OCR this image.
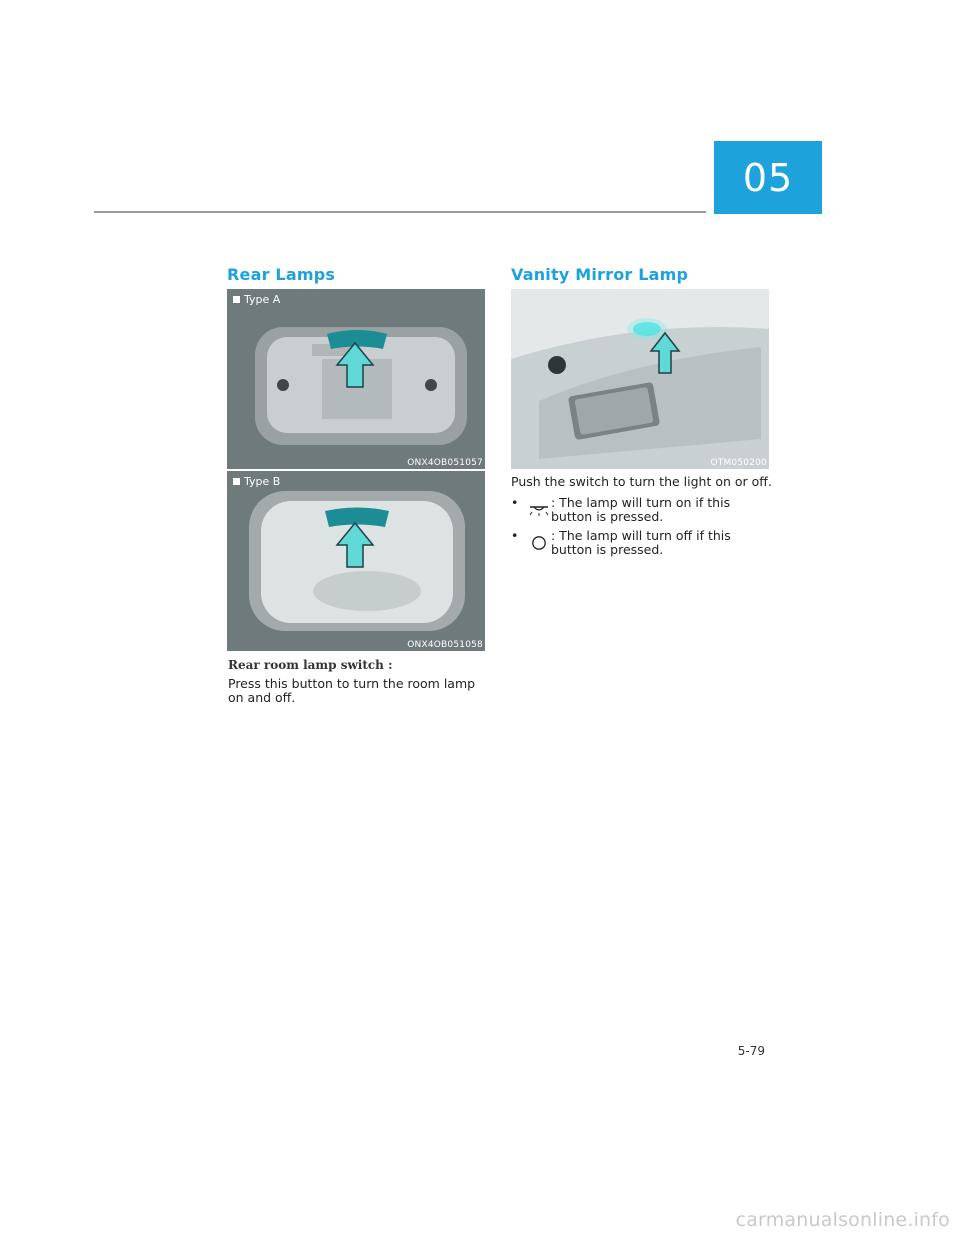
05
Rear Lamps
Type A
ONX4OB051057
Type B
ONX4OB051058

Rear room lamp switch :

Press this button to turn the room lamp on and off.

Vanity Mirror Lamp
OTM050200

Push the switch to turn the light on or off.

•	: The lamp will turn on if this button is pressed.
•	: The lamp will turn off if this button is pressed.
5-79
carmanualsonline.info
